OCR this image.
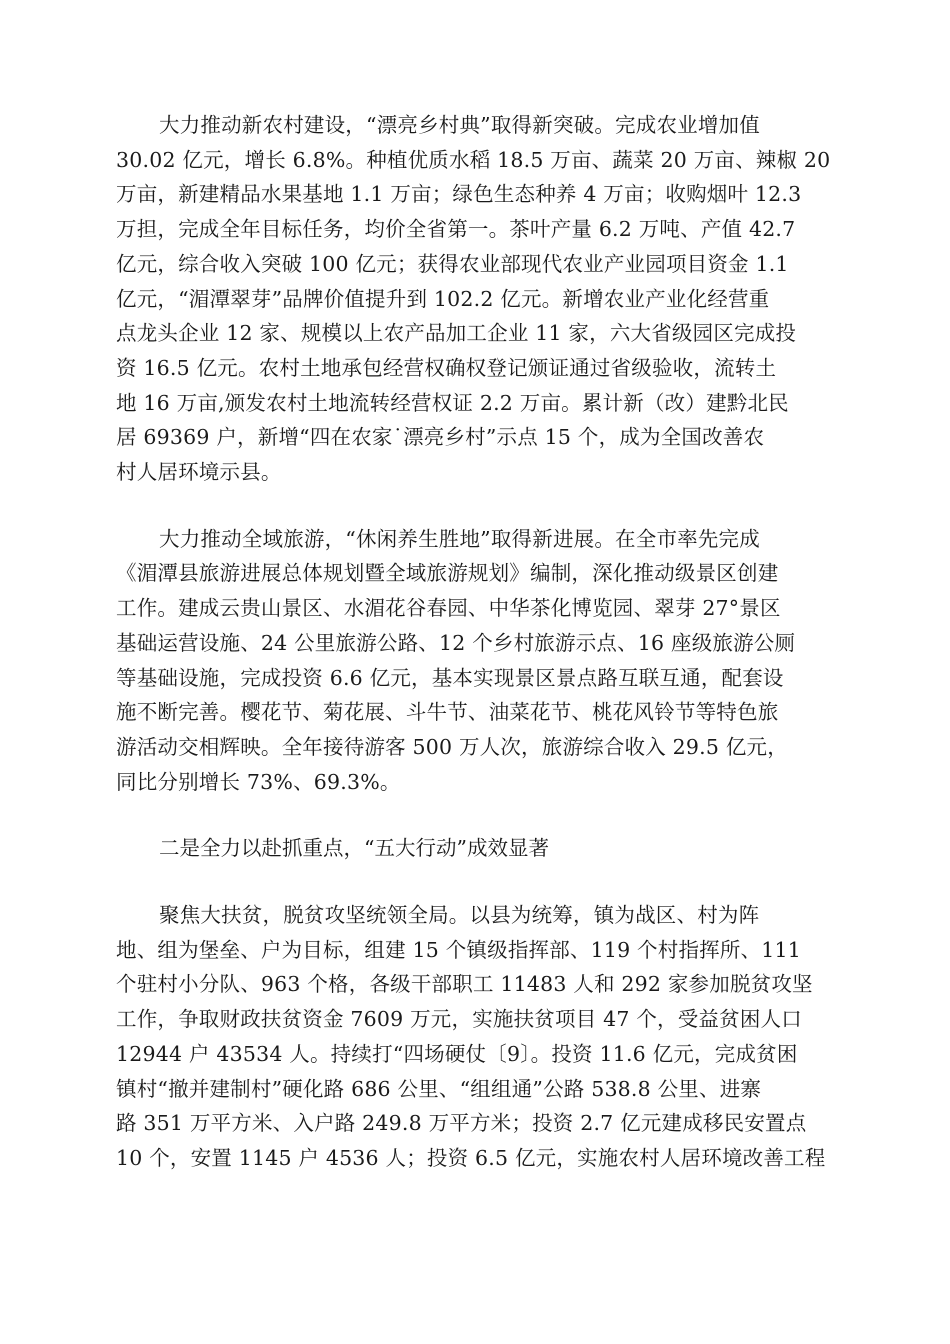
大力推动新农村建设，“漂亮乡村典”取得新突破。完成农业增加值
30.02 亿元，增长 6.8%。种植优质水稻 18.5 万亩、蔬菜 20 万亩、辣椒 20
万亩，新建精品水果基地 1.1 万亩；绿色生态种养 4 万亩；收购烟叶 12.3
万担，完成全年目标任务，均价全省第一。茶叶产量 6.2 万吨、产值 42.7
亿元，综合收入突破 100 亿元；获得农业部现代农业产业园项目资金 1.1
亿元，“湄潭翠芽”品牌价值提升到 102.2 亿元。新增农业产业化经营重
点龙头企业 12 家、规模以上农产品加工企业 11 家，六大省级园区完成投
资 16.5 亿元。农村土地承包经营权确权登记颁证通过省级验收，流转土
地 16 万亩,颁发农村土地流转经营权证 2.2 万亩。累计新（改）建黔北民
居 69369 户，新增“四在农家˙漂亮乡村”示点 15 个，成为全国改善农
村人居环境示县。

大力推动全域旅游，“休闲养生胜地”取得新进展。在全市率先完成
《湄潭县旅游进展总体规划暨全域旅游规划》编制，深化推动级景区创建
工作。建成云贵山景区、水湄花谷春园、中华茶化博览园、翠芽 27°景区
基础运营设施、24 公里旅游公路、12 个乡村旅游示点、16 座级旅游公厕
等基础设施，完成投资 6.6 亿元，基本实现景区景点路互联互通，配套设
施不断完善。樱花节、菊花展、斗牛节、油菜花节、桃花风铃节等特色旅
游活动交相辉映。全年接待游客 500 万人次，旅游综合收入 29.5 亿元，
同比分别增长 73%、69.3%。

二是全力以赴抓重点，“五大行动”成效显著

聚焦大扶贫，脱贫攻坚统领全局。以县为统筹，镇为战区、村为阵
地、组为堡垒、户为目标，组建 15 个镇级指挥部、119 个村指挥所、111
个驻村小分队、963 个格，各级干部职工 11483 人和 292 家参加脱贫攻坚
工作，争取财政扶贫资金 7609 万元，实施扶贫项目 47 个，受益贫困人口
12944 户 43534 人。持续打“四场硬仗〔9〕。投资 11.6 亿元，完成贫困
镇村“撤并建制村”硬化路 686 公里、“组组通”公路 538.8 公里、进寨
路 351 万平方米、入户路 249.8 万平方米；投资 2.7 亿元建成移民安置点
10 个，安置 1145 户 4536 人；投资 6.5 亿元，实施农村人居环境改善工程
